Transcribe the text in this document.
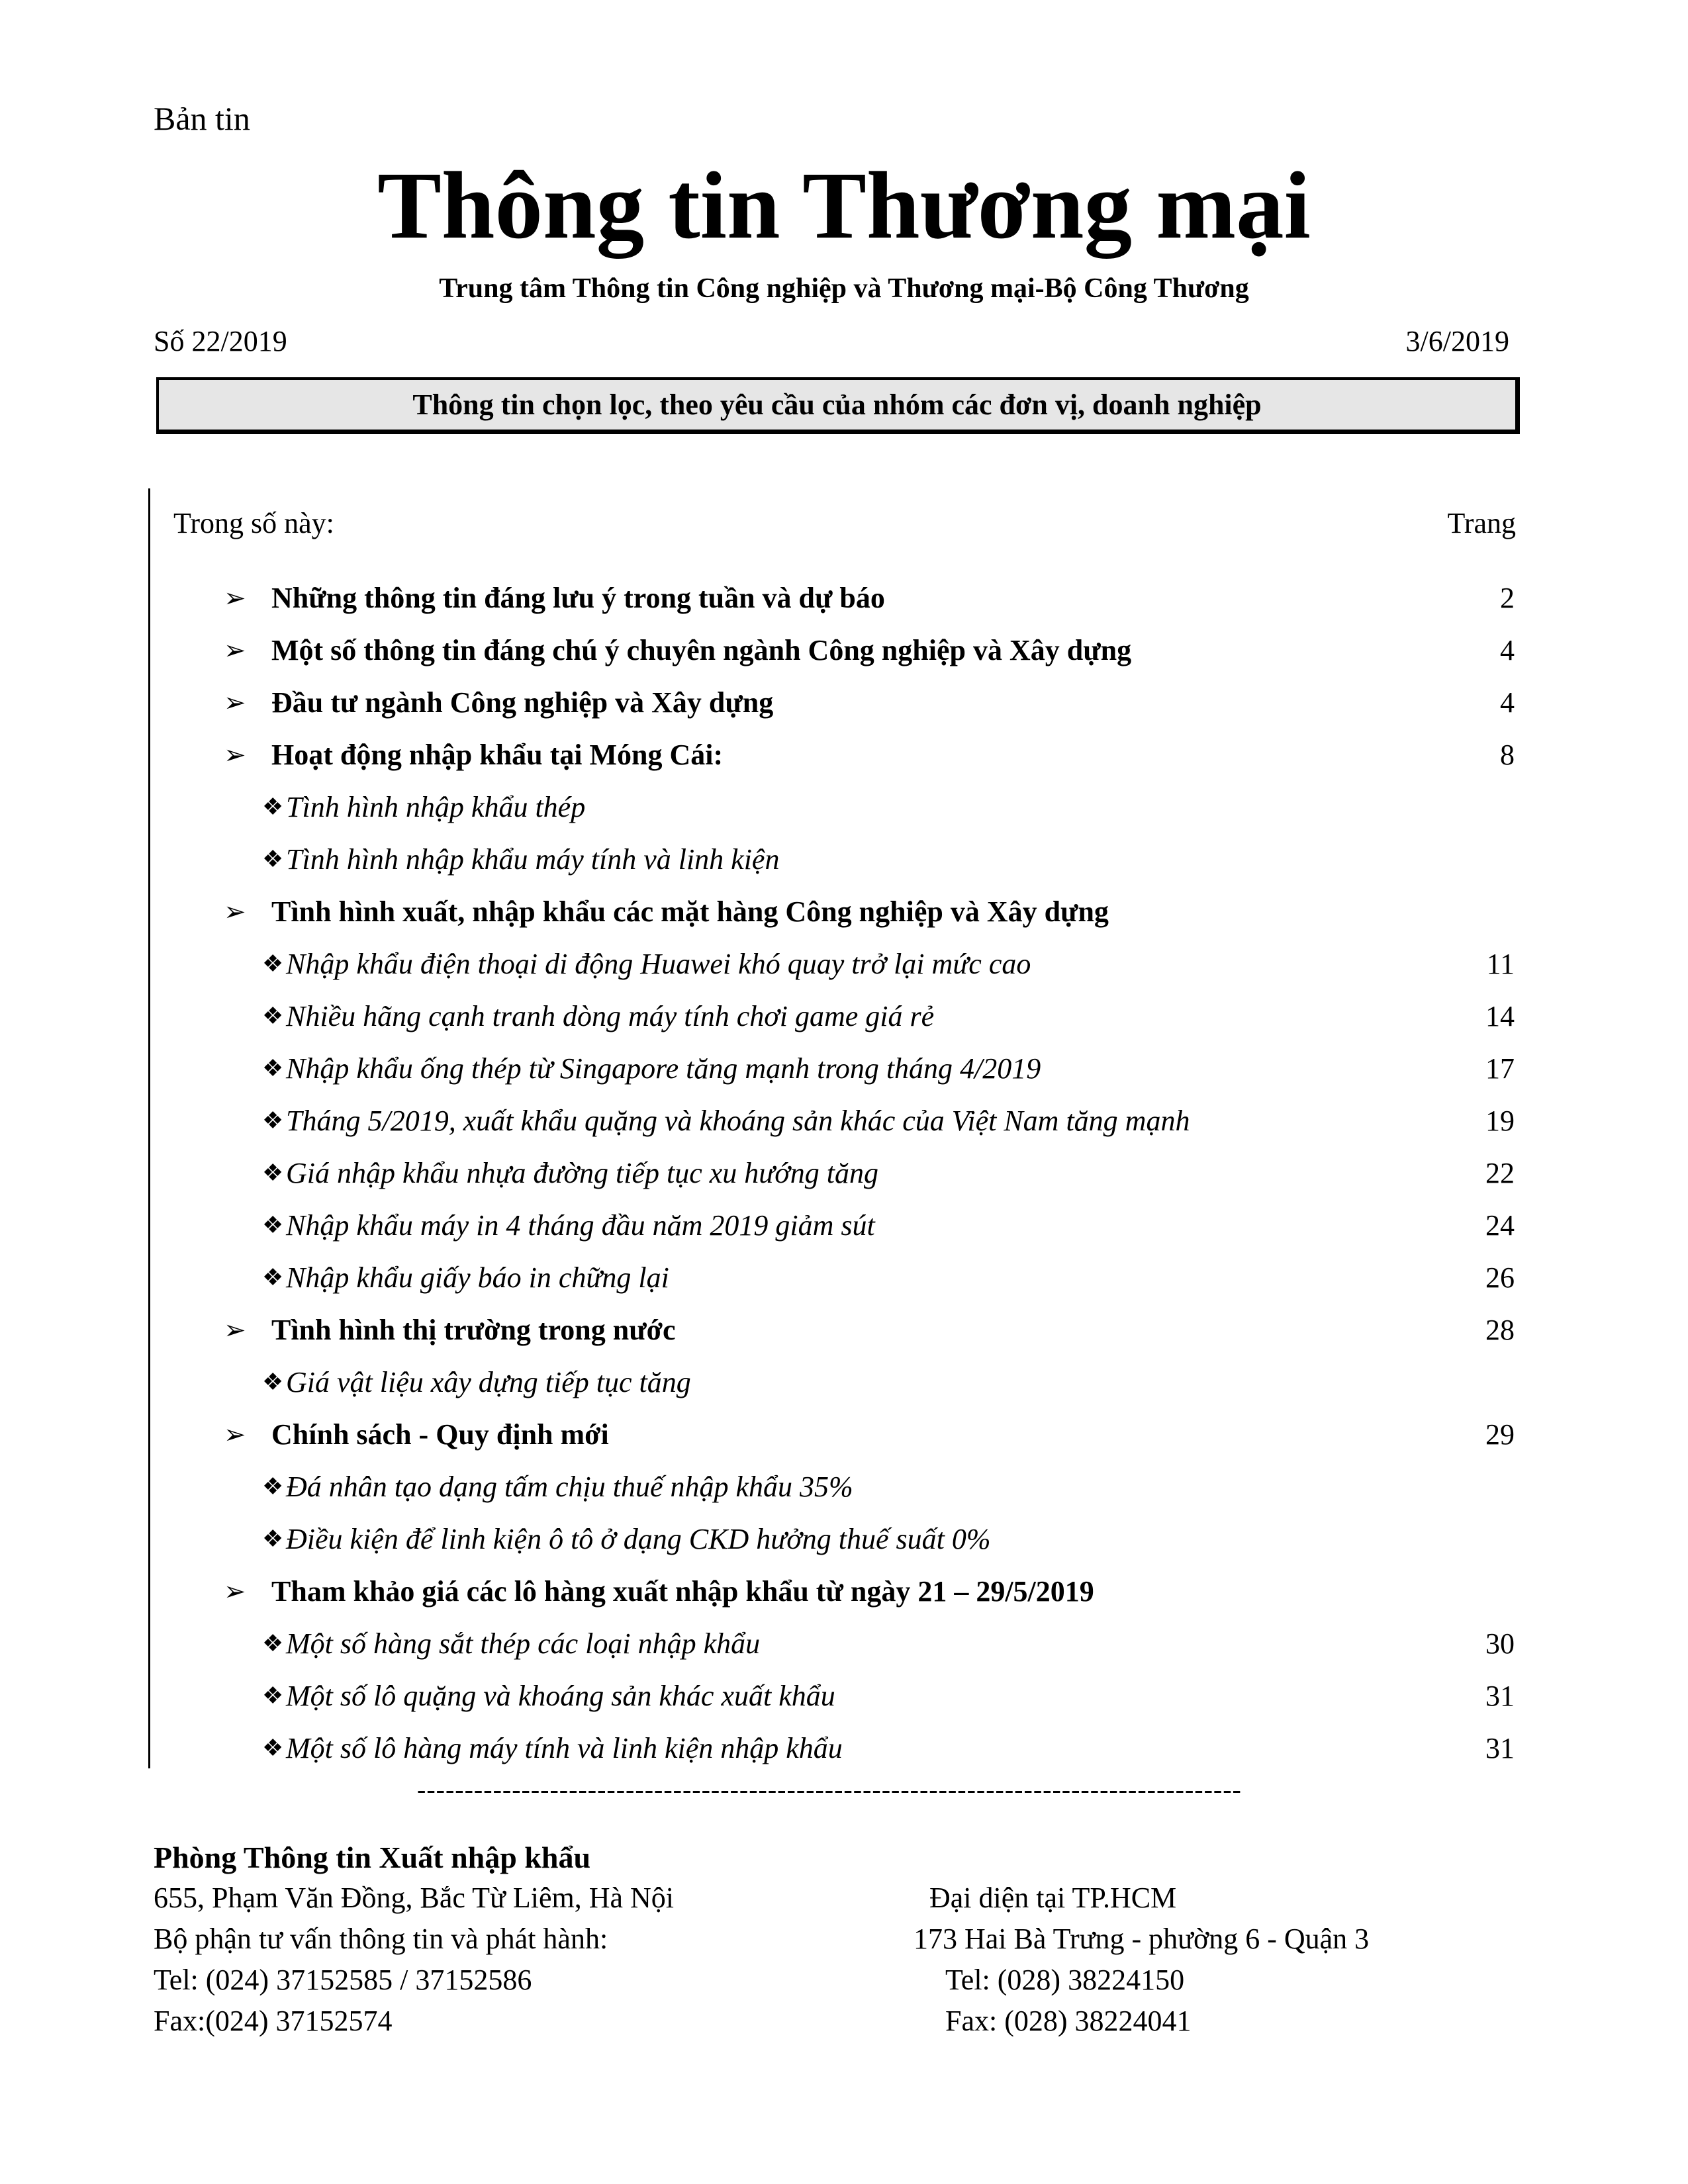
Bản tin
Thông tin Thương mại
Trung tâm Thông tin Công nghiệp và Thương mại-Bộ Công Thương
Số 22/2019	3/6/2019
Thông tin chọn lọc, theo yêu cầu của nhóm các đơn vị, doanh nghiệp
Trong số này:	Trang
➢ Những thông tin đáng lưu ý trong tuần và dự báo	2
➢ Một số thông tin đáng chú ý chuyên ngành Công nghiệp và Xây dựng	4
➢ Đầu tư ngành Công nghiệp và Xây dựng	4
➢ Hoạt động nhập khẩu tại Móng Cái:	8
❖ Tình hình nhập khẩu thép
❖ Tình hình nhập khẩu máy tính và linh kiện
➢ Tình hình xuất, nhập khẩu các mặt hàng Công nghiệp và Xây dựng
❖ Nhập khẩu điện thoại di động Huawei khó quay trở lại mức cao	11
❖ Nhiều hãng cạnh tranh dòng máy tính chơi game giá rẻ	14
❖ Nhập khẩu ống thép từ Singapore tăng mạnh trong tháng 4/2019	17
❖ Tháng 5/2019, xuất khẩu quặng và khoáng sản khác của Việt Nam tăng mạnh	19
❖ Giá nhập khẩu nhựa đường tiếp tục xu hướng tăng	22
❖ Nhập khẩu máy in 4 tháng đầu năm 2019 giảm sút	24
❖ Nhập khẩu giấy báo in chững lại	26
➢ Tình hình thị trường trong nước	28
❖ Giá vật liệu xây dựng tiếp tục tăng
➢ Chính sách - Quy định mới	29
❖ Đá nhân tạo dạng tấm chịu thuế nhập khẩu 35%
❖ Điều kiện để linh kiện ô tô ở dạng CKD hưởng thuế suất 0%
➢ Tham khảo giá các lô hàng xuất nhập khẩu từ ngày 21 – 29/5/2019
❖ Một số hàng sắt thép các loại nhập khẩu	30
❖ Một số lô quặng và khoáng sản khác xuất khẩu	31
❖ Một số lô hàng máy tính và linh kiện nhập khẩu	31
---------------------------------------------------------------------------------------
Phòng Thông tin Xuất nhập khẩu
655, Phạm Văn Đồng, Bắc Từ Liêm, Hà Nội
Bộ phận tư vấn thông tin và phát hành:
Tel: (024) 37152585 / 37152586
Fax:(024) 37152574
Đại diện tại TP.HCM
173 Hai Bà Trưng - phường 6 - Quận 3
Tel: (028) 38224150
Fax: (028) 38224041
